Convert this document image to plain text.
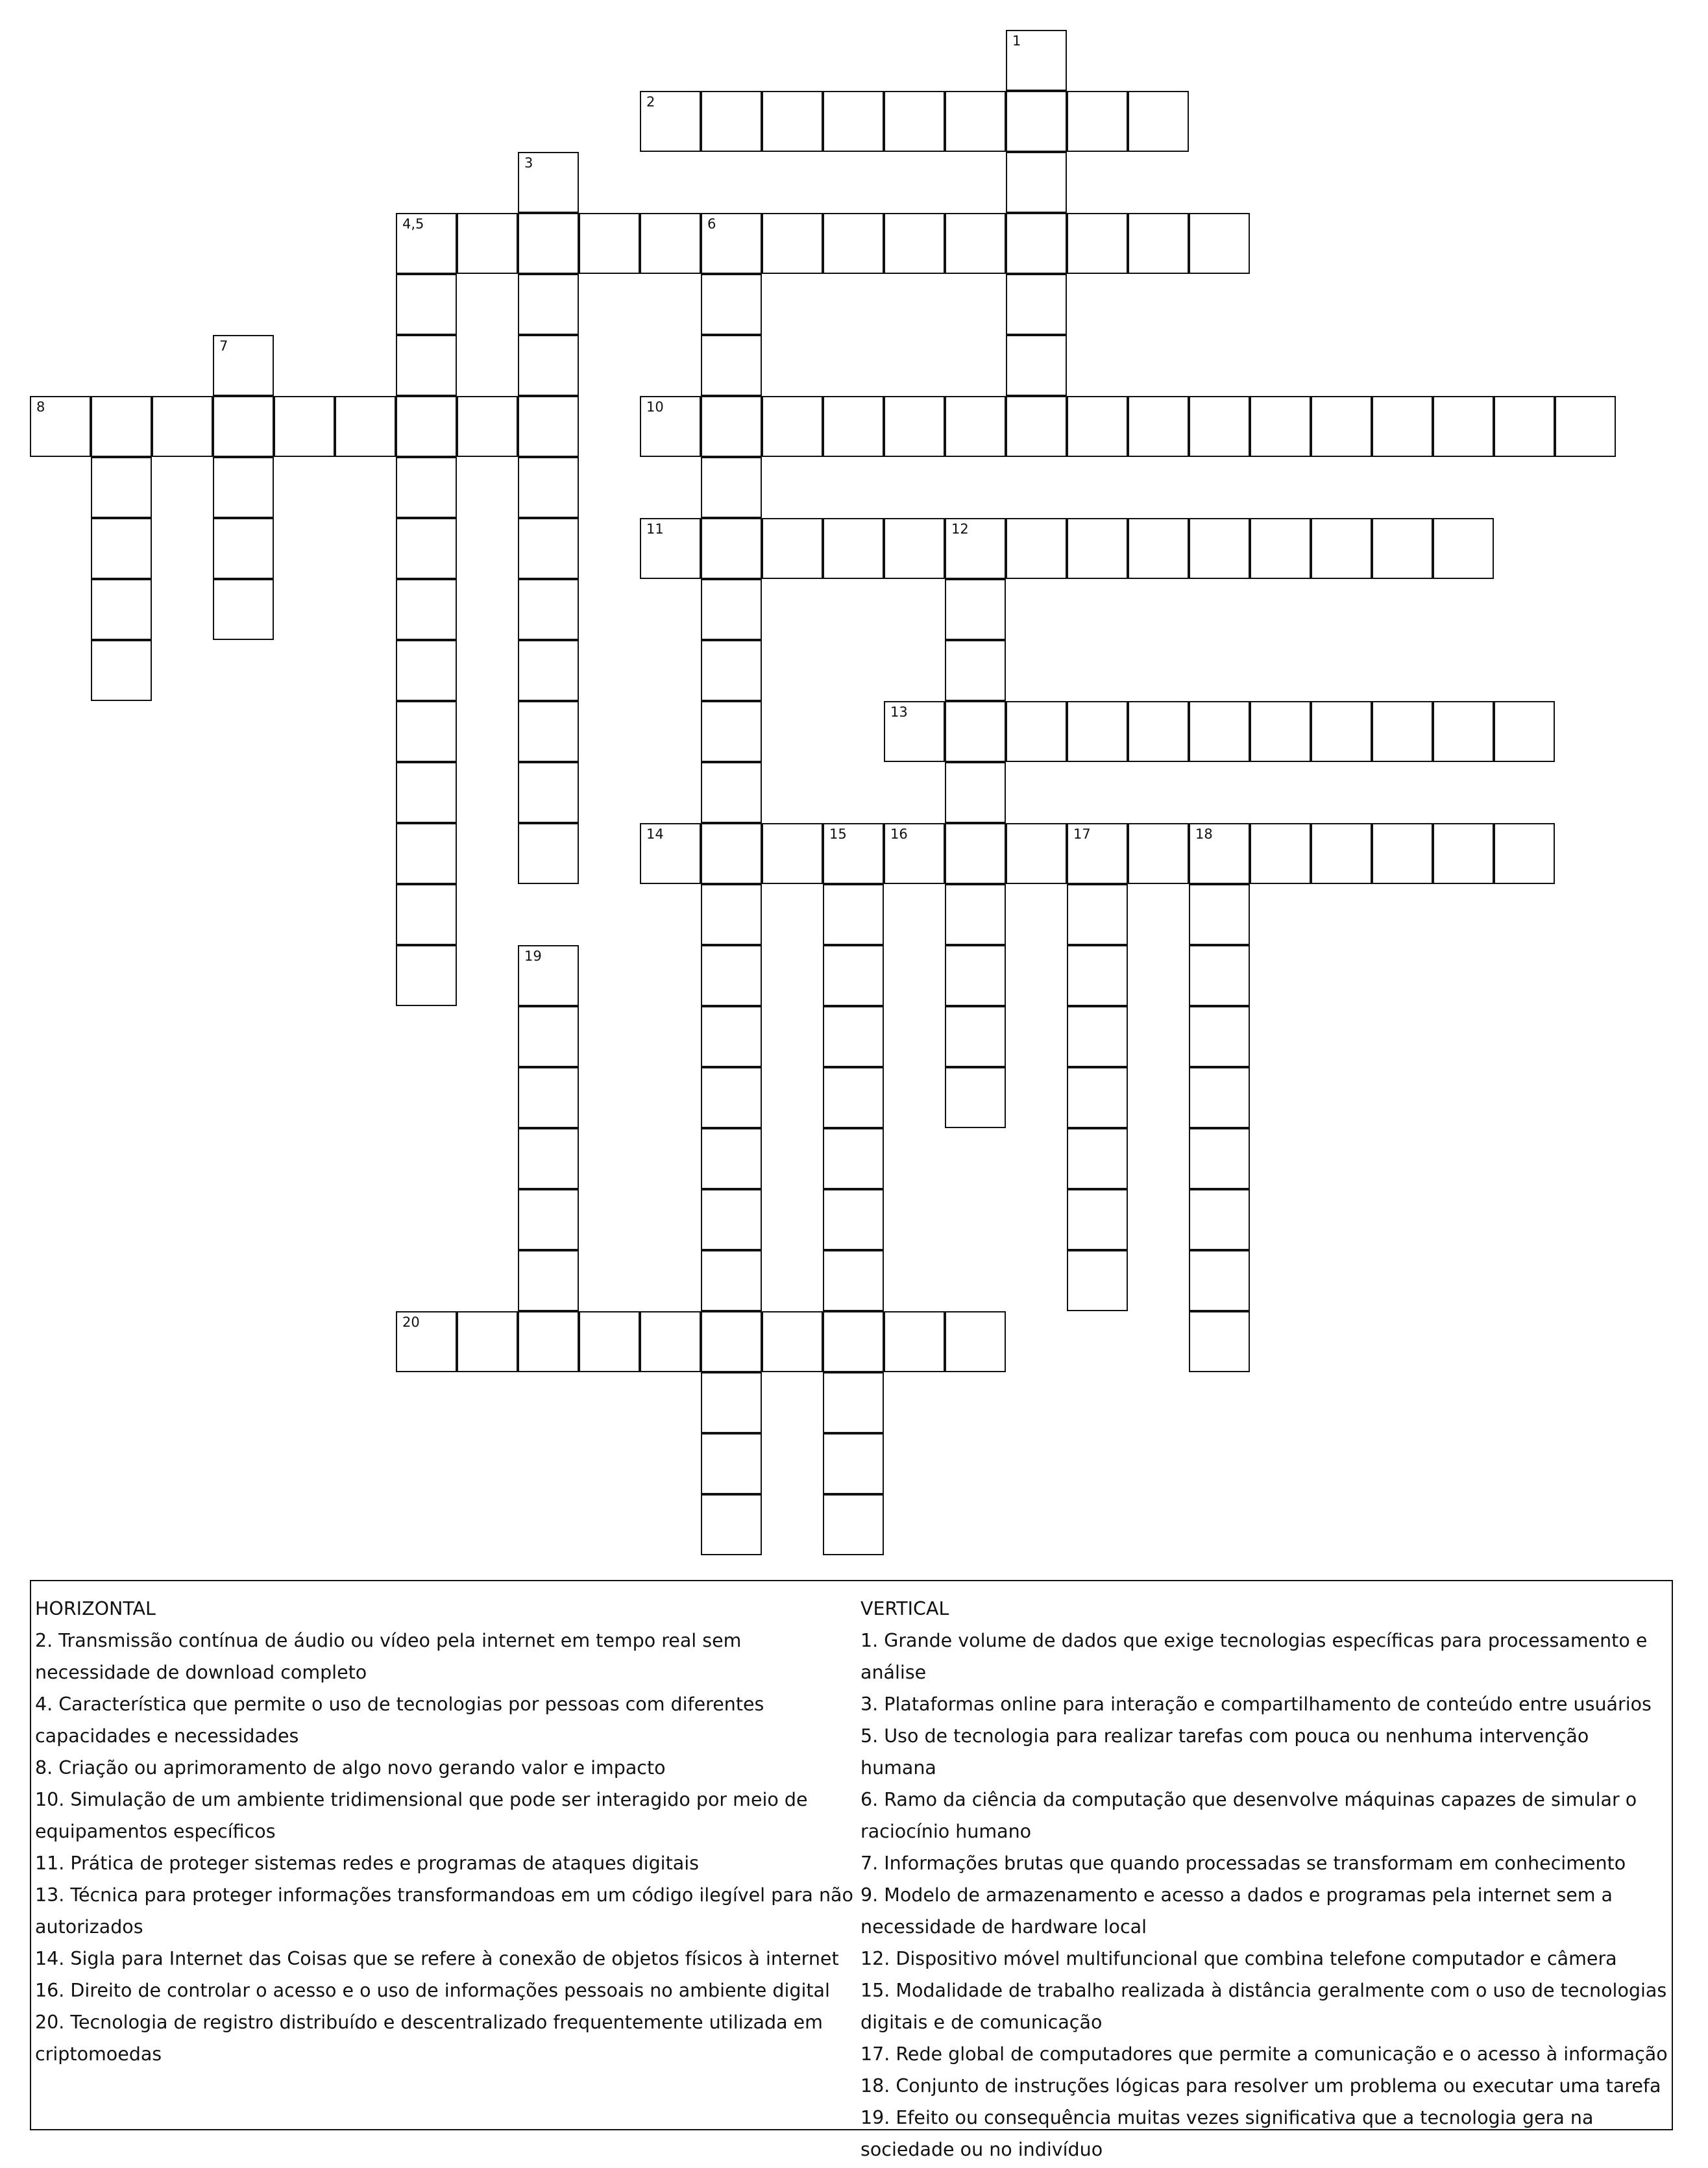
2
4,5	6
8	10
11	12
13
14	16	17	18
20
1
3
7
15
19
HORIZONTAL
2. Transmissão contínua de áudio ou vídeo pela internet em tempo real sem necessidade de download completo
4. Característica que permite o uso de tecnologias por pessoas com diferentes capacidades e necessidades
8. Criação ou aprimoramento de algo novo gerando valor e impacto
10. Simulação de um ambiente tridimensional que pode ser interagido por meio de equipamentos específicos
11. Prática de proteger sistemas redes e programas de ataques digitais
13. Técnica para proteger informações transformandoas em um código ilegível para não autorizados
14. Sigla para Internet das Coisas que se refere à conexão de objetos físicos à internet
16. Direito de controlar o acesso e o uso de informações pessoais no ambiente digital
20. Tecnologia de registro distribuído e descentralizado frequentemente utilizada em criptomoedas
VERTICAL
1. Grande volume de dados que exige tecnologias específicas para processamento e análise
3. Plataformas online para interação e compartilhamento de conteúdo entre usuários
5. Uso de tecnologia para realizar tarefas com pouca ou nenhuma intervenção humana
6. Ramo da ciência da computação que desenvolve máquinas capazes de simular o raciocínio humano
7. Informações brutas que quando processadas se transformam em conhecimento
9. Modelo de armazenamento e acesso a dados e programas pela internet sem a necessidade de hardware local
12. Dispositivo móvel multifuncional que combina telefone computador e câmera
15. Modalidade de trabalho realizada à distância geralmente com o uso de tecnologias digitais e de comunicação
17. Rede global de computadores que permite a comunicação e o acesso à informação
18. Conjunto de instruções lógicas para resolver um problema ou executar uma tarefa
19. Efeito ou consequência muitas vezes significativa que a tecnologia gera na sociedade ou no indivíduo
